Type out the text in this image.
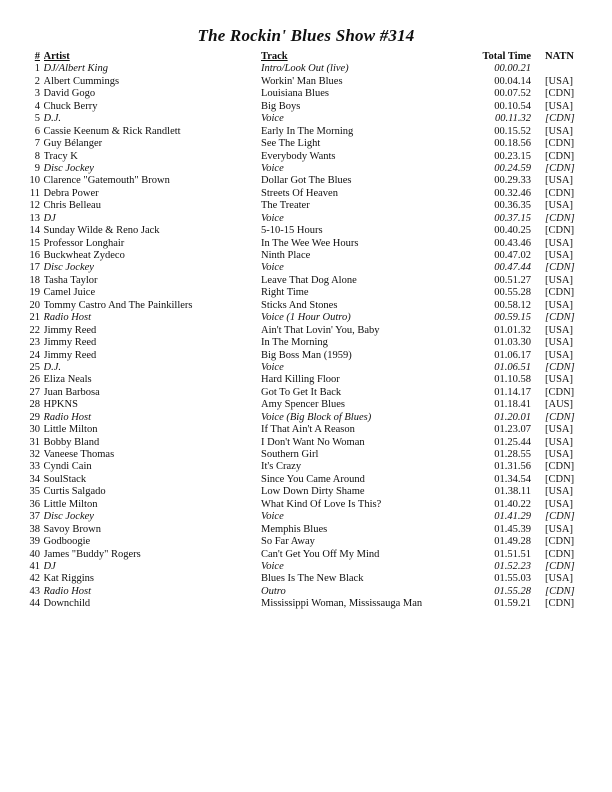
The Rockin' Blues Show #314
# Artist	Track	Total Time NATN
1 DJ/Albert King	Intro/Look Out (live)	00.00.21
2 Albert Cummings	Workin' Man Blues	00.04.14 [USA]
3 David Gogo	Louisiana Blues	00.07.52 [CDN]
4 Chuck Berry	Big Boys	00.10.54 [USA]
5 D.J.	Voice	00.11.32 [CDN]
6 Cassie Keenum & Rick Randlett	Early In The Morning	00.15.52 [USA]
7 Guy Bélanger	See The Light	00.18.56 [CDN]
8 Tracy K	Everybody Wants	00.23.15 [CDN]
9 Disc Jockey	Voice	00.24.59 [CDN]
10 Clarence "Gatemouth" Brown	Dollar Got The Blues	00.29.33 [USA]
11 Debra Power	Streets Of Heaven	00.32.46 [CDN]
12 Chris Belleau	The Treater	00.36.35 [USA]
13 DJ	Voice	00.37.15 [CDN]
14 Sunday Wilde & Reno Jack	5-10-15 Hours	00.40.25 [CDN]
15 Professor Longhair	In The Wee Wee Hours	00.43.46 [USA]
16 Buckwheat Zydeco	Ninth Place	00.47.02 [USA]
17 Disc Jockey	Voice	00.47.44 [CDN]
18 Tasha Taylor	Leave That Dog Alone	00.51.27 [USA]
19 Camel Juice	Right Time	00.55.28 [CDN]
20 Tommy Castro And The Painkillers	Sticks And Stones	00.58.12 [USA]
21 Radio Host	Voice (1 Hour Outro)	00.59.15 [CDN]
22 Jimmy Reed	Ain't That Lovin' You, Baby	01.01.32 [USA]
23 Jimmy Reed	In The Morning	01.03.30 [USA]
24 Jimmy Reed	Big Boss Man (1959)	01.06.17 [USA]
25 D.J.	Voice	01.06.51 [CDN]
26 Eliza Neals	Hard Killing Floor	01.10.58 [USA]
27 Juan Barbosa	Got To Get It Back	01.14.17 [CDN]
28 HPKNS	Amy Spencer Blues	01.18.41 [AUS]
29 Radio Host	Voice (Big Block of Blues)	01.20.01 [CDN]
30 Little Milton	If That Ain't A Reason	01.23.07 [USA]
31 Bobby Bland	I Don't Want No Woman	01.25.44 [USA]
32 Vaneese Thomas	Southern Girl	01.28.55 [USA]
33 Cyndi Cain	It's Crazy	01.31.56 [CDN]
34 SoulStack	Since You Came Around	01.34.54 [CDN]
35 Curtis Salgado	Low Down Dirty Shame	01.38.11 [USA]
36 Little Milton	What Kind Of Love Is This?	01.40.22 [USA]
37 Disc Jockey	Voice	01.41.29 [CDN]
38 Savoy Brown	Memphis Blues	01.45.39 [USA]
39 Godboogie	So Far Away	01.49.28 [CDN]
40 James "Buddy" Rogers	Can't Get You Off My Mind	01.51.51 [CDN]
41 DJ	Voice	01.52.23 [CDN]
42 Kat Riggins	Blues Is The New Black	01.55.03 [USA]
43 Radio Host	Outro	01.55.28 [CDN]
44 Downchild	Mississippi Woman, Mississauga Man	01.59.21 [CDN]
